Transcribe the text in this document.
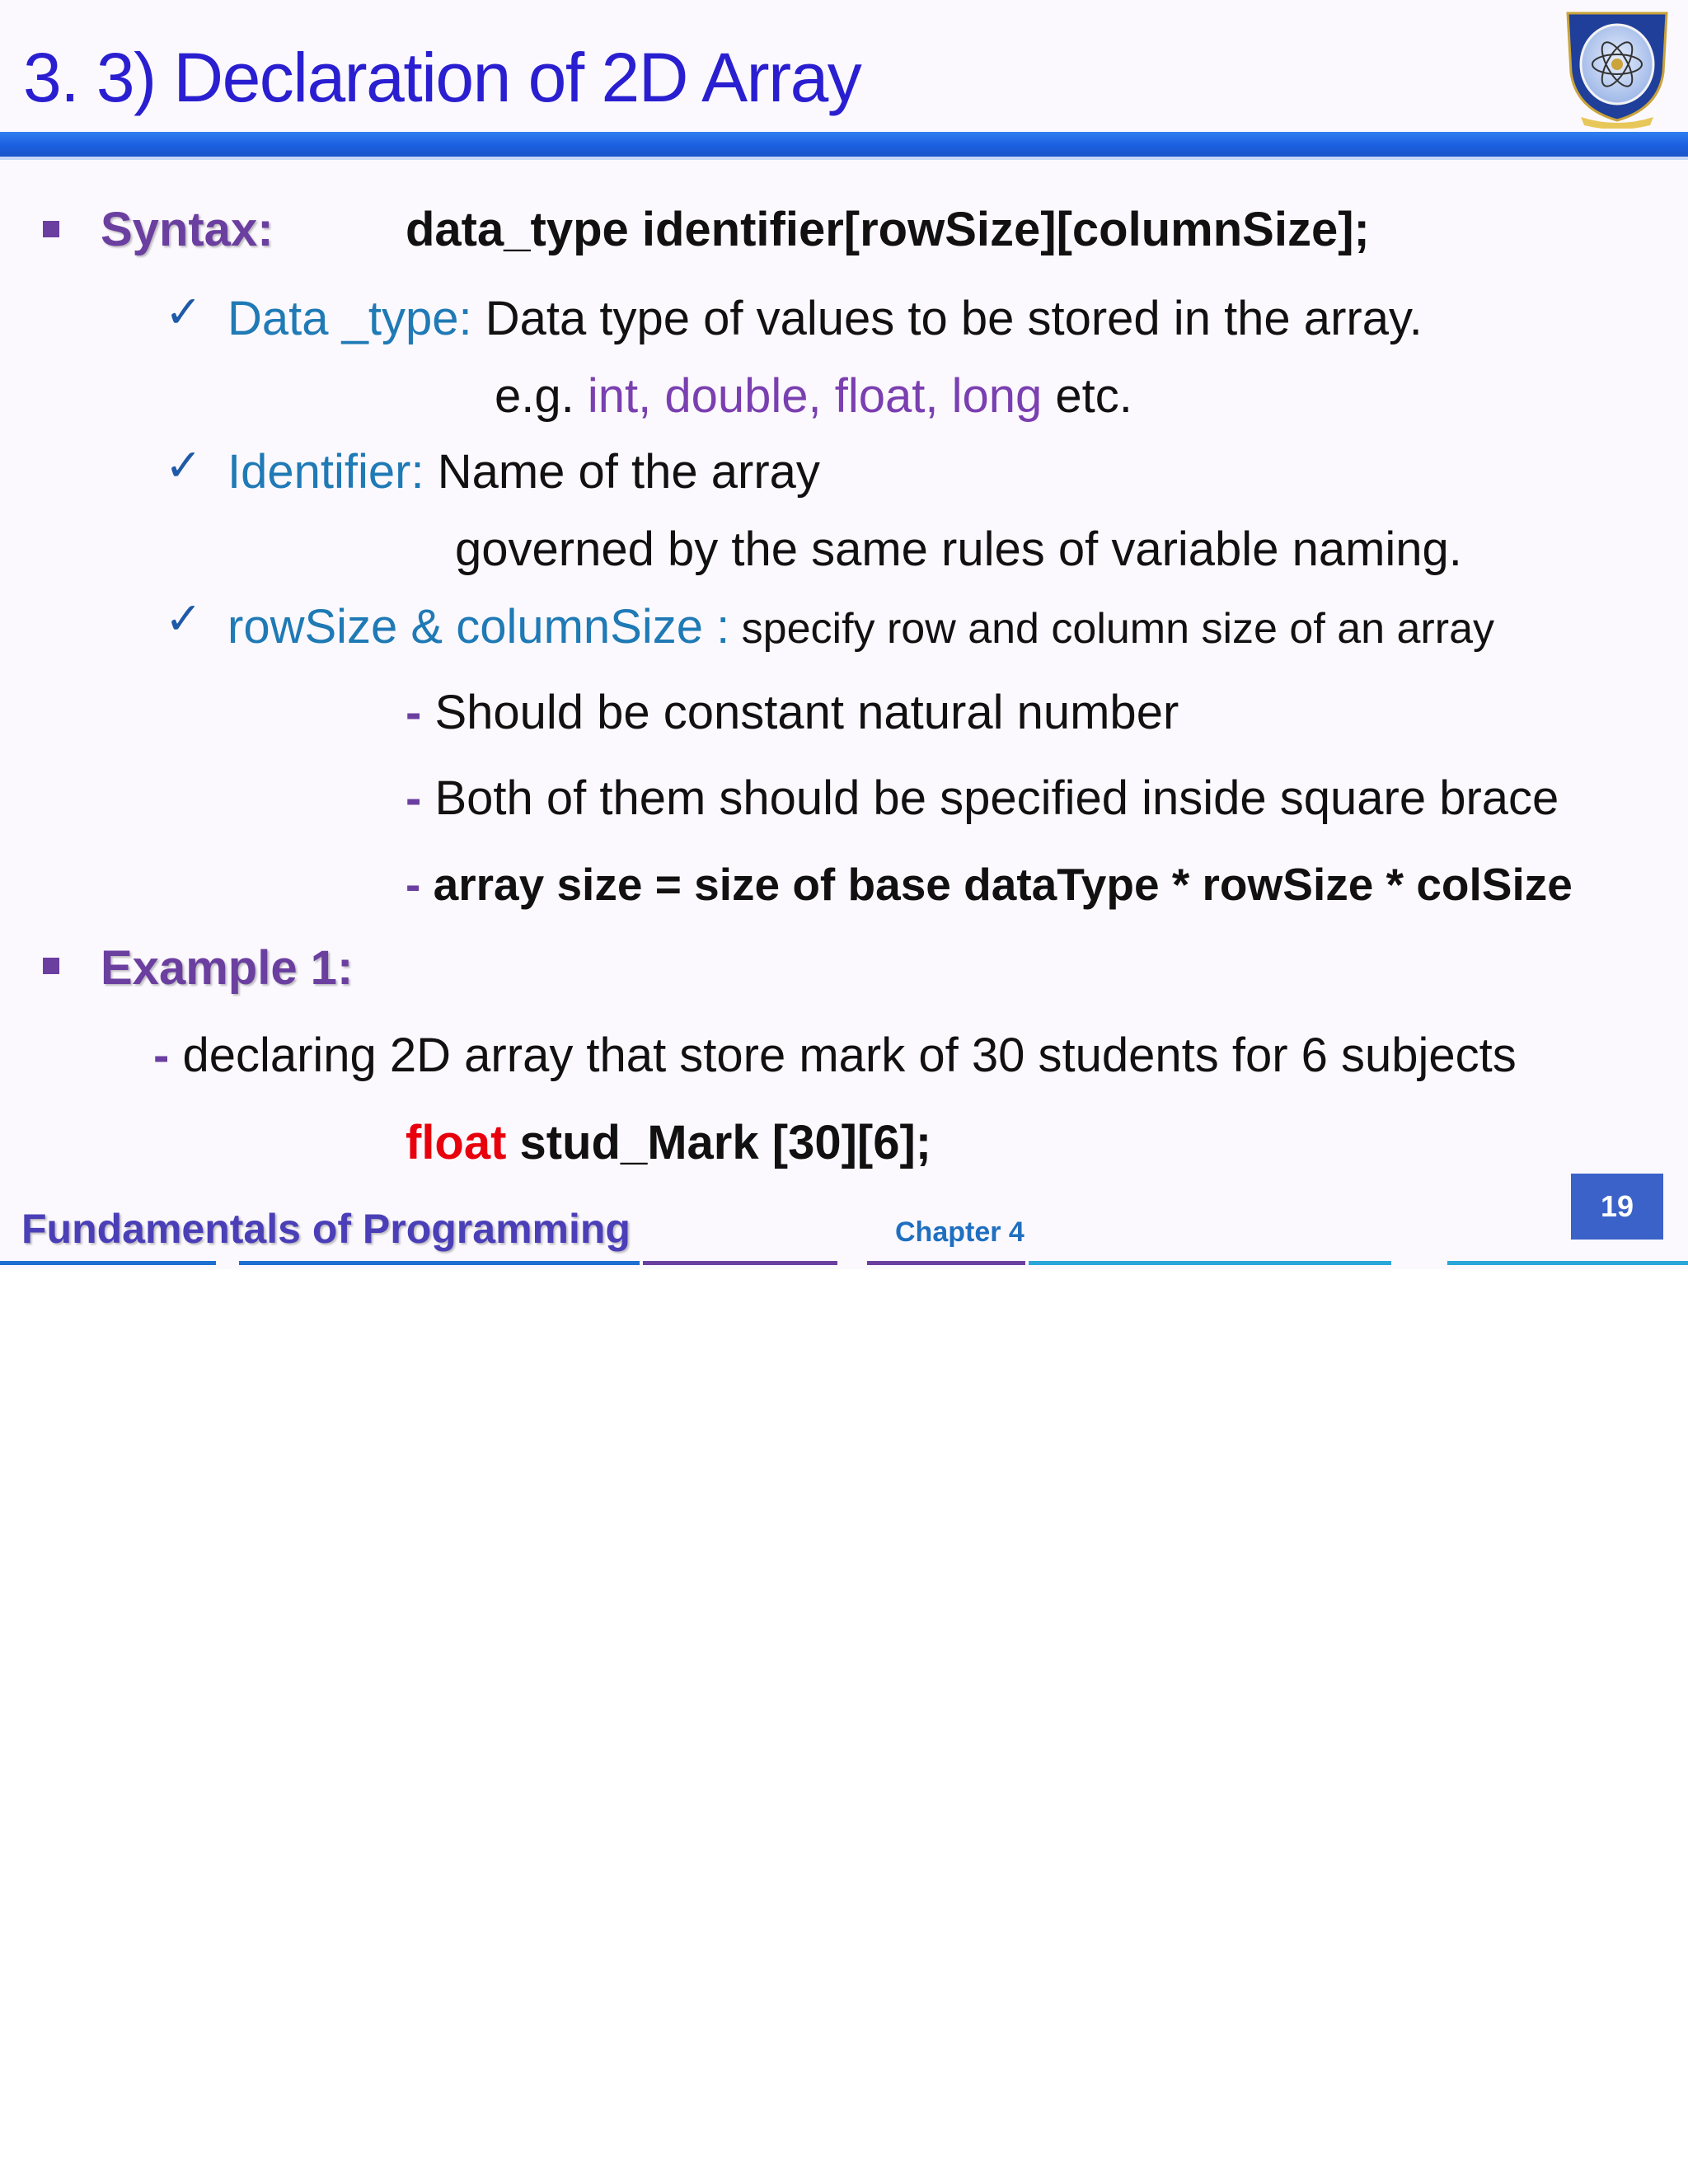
3. 3) Declaration of 2D Array
Syntax:	data_type identifier[rowSize][columnSize];
✓ Data _type: Data type of values to be stored in the array.
e.g. int, double, float, long etc.
✓ Identifier: Name of the array
governed by the same rules of variable naming.
✓ rowSize & columnSize : specify row and column size of an array
- Should be constant natural number
- Both of them should be specified inside square brace
- array size = size of base dataType * rowSize * colSize
Example 1:
- declaring 2D array that store mark of 30 students for 6 subjects
float stud_Mark [30][6];
Fundamentals of Programming	Chapter 4
19
